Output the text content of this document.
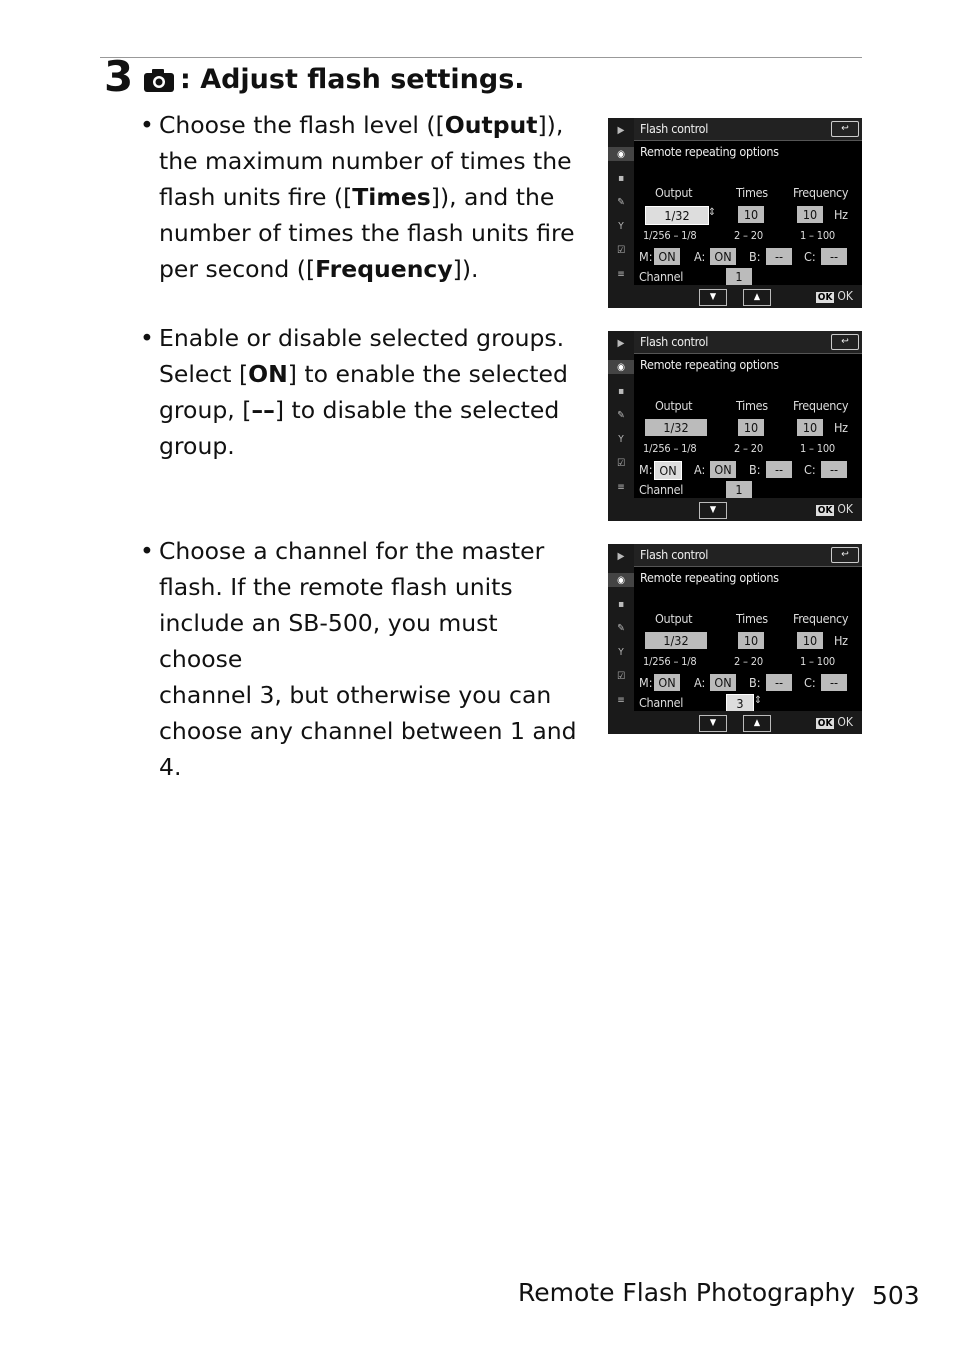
3 : Adjust flash settings.
• Choose the flash level ([Output]),
the maximum number of times the
flash units fire ([Times]), and the
number of times the flash units fire
per second ([Frequency]).
• Enable or disable selected groups.
Select [ON] to enable the selected
group, [––] to disable the selected
group.
• Choose a channel for the master
flash. If the remote flash units
include an SB-500, you must choose
channel 3, but otherwise you can
choose any channel between 1 and
4.
▶
◉
▪
✎
Y
☑
≡
Flash control	↩
Remote repeating options
Output	Times Frequency
1/32	⇕	10	10	Hz
1/256 – 1/8	2 – 20	1 – 100
M: ON	A: ON	B:	--	C:	--
Channel	1
▼	▲	OK OK
▶
◉
▪
✎
Y
☑
≡
Flash control	↩
Remote repeating options
Output	Times Frequency
1/32	10	10	Hz
1/256 – 1/8	2 – 20	1 – 100
M: ON	A: ON	B:	--	C:	--
Channel	1
▼	OK OK
▶
◉
▪
✎
Y
☑
≡
Flash control	↩
Remote repeating options
Output	Times Frequency
1/32	10	10	Hz
1/256 – 1/8	2 – 20	1 – 100
M: ON	A: ON	B:	--	C:	--
Channel	3	⇕
▼	▲	OK OK
Remote Flash Photography 503
